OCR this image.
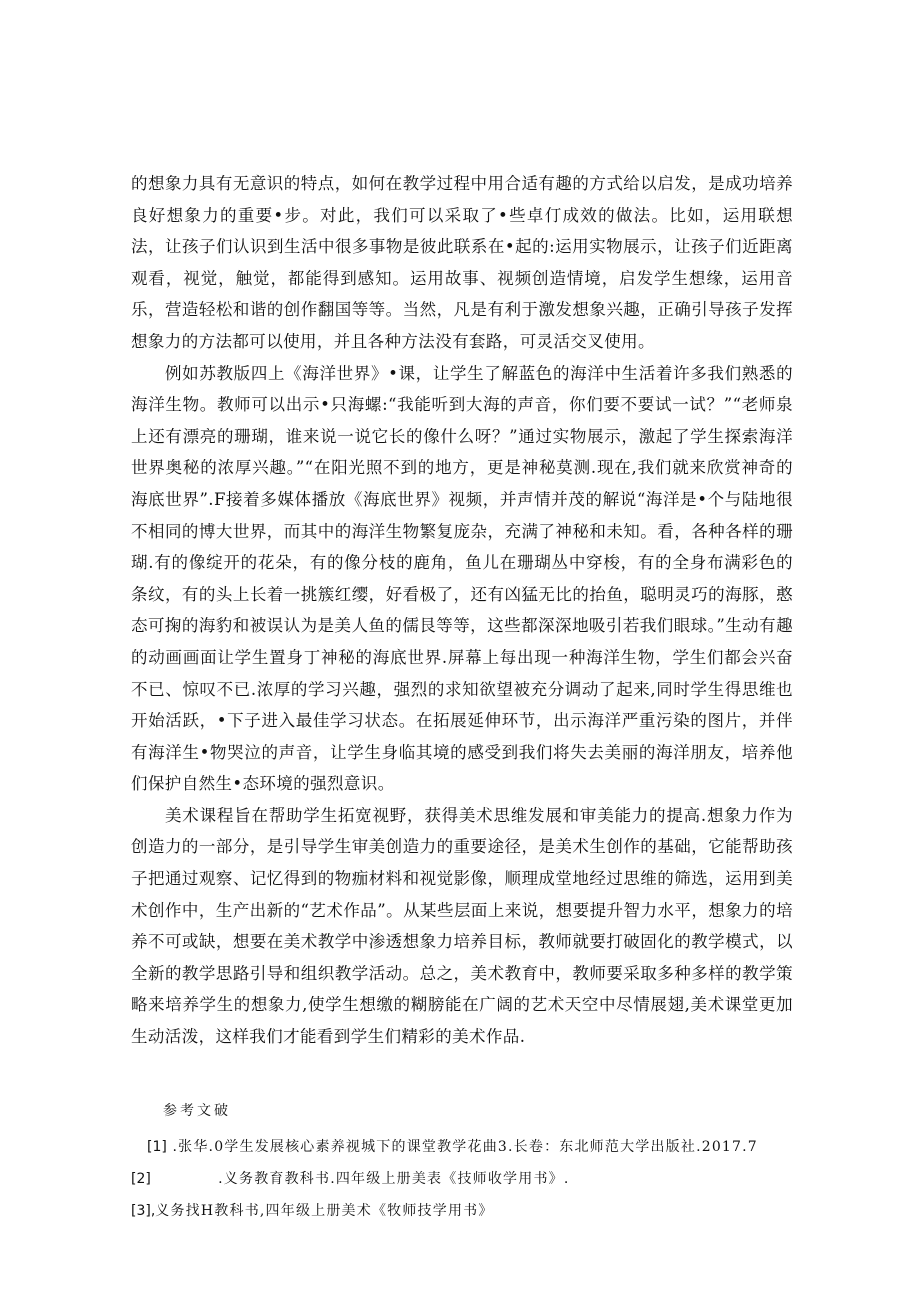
的想象力具有无意识的特点，如何在教学过程中用合适有趣的方式给以启发，是成功培养良好想象力的重要•步。对此，我们可以采取了•些卓仃成效的做法。比如，运用联想法，让孩子们认识到生活中很多事物是彼此联系在•起的:运用实物展示，让孩子们近距离观看，视觉，触觉，都能得到感知。运用故事、视频创造情境，启发学生想缘，运用音乐，营造轻松和谐的创作翻国等等。当然，凡是有利于激发想象兴趣，正确引导孩子发挥想象力的方法都可以使用，并且各种方法没有套路，可灵活交叉使用。

例如苏教版四上《海洋世界》•课，让学生了解蓝色的海洋中生活着许多我们熟悉的海洋生物。教师可以出示•只海螺:“我能听到大海的声音，你们要不要试一试？”“老师泉上还有漂亮的珊瑚，谁来说一说它长的像什么呀？”通过实物展示，激起了学生探索海洋世界奥秘的浓厚兴趣。”“在阳光照不到的地方，更是神秘莫测.现在,我们就来欣赏神奇的海底世界”.F接着多媒体播放《海底世界》视频，并声情并茂的解说“海洋是•个与陆地很不相同的博大世界，而其中的海洋生物繁复庞杂，充满了神秘和未知。看，各种各样的珊瑚.有的像绽开的花朵，有的像分枝的鹿角，鱼儿在珊瑚丛中穿梭，有的全身布满彩色的条纹，有的头上长着一挑簇红缨，好看极了，还有凶猛无比的抬鱼，聪明灵巧的海豚，憨态可掬的海豹和被误认为是美人鱼的儒艮等等，这些都深深地吸引若我们眼球。”生动有趣的动画画面让学生置身丁神秘的海底世界.屏幕上每出现一种海洋生物，学生们都会兴奋不已、惊叹不已.浓厚的学习兴趣，强烈的求知欲望被充分调动了起来,同时学生得思维也开始活跃，•下子进入最佳学习状态。在拓展延伸环节，出示海洋严重污染的图片，并伴有海洋生•物哭泣的声音，让学生身临其境的感受到我们将失去美丽的海洋朋友，培养他们保护自然生•态环境的强烈意识。

美术课程旨在帮助学生拓宽视野，获得美术思维发展和审美能力的提高.想象力作为创造力的一部分，是引导学生审美创造力的重要途径，是美术生创作的基础，它能帮助孩子把通过观察、记忆得到的物痂材料和视觉影像，顺理成堂地经过思维的筛选，运用到美术创作中，生产出新的“艺术作品”。从某些层面上来说，想要提升智力水平，想象力的培养不可或缺，想要在美术教学中渗透想象力培养目标，教师就要打破固化的教学模式，以全新的教学思路引导和组织教学活动。总之，美术教育中，教师要采取多种多样的教学策略来培养学生的想象力,使学生想缴的糊膀能在广阔的艺术天空中尽情展翅,美术课堂更加生动活泼，这样我们才能看到学生们精彩的美术作品.

参考文破
[1] .张华.0学生发展核心素养视城下的课堂教学花曲3.长卷：东北师范大学出版社.2017.7
[2]	.义务教育教科书.四年级上册美表《技师收学用书》.
[3],义务找H教科书,四年级上册美术《牧师技学用书》
